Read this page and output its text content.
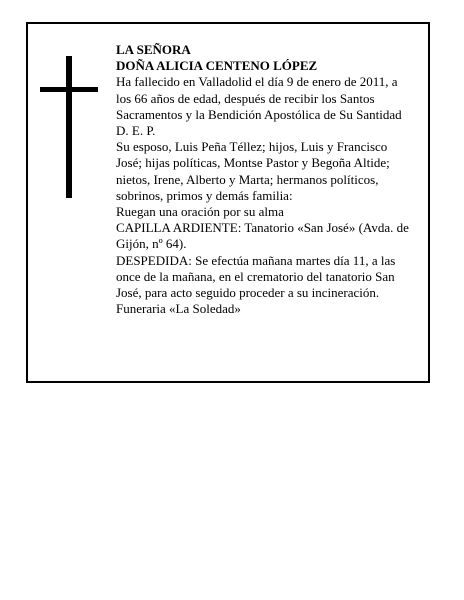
LA SEÑORA

DOÑA ALICIA CENTENO LÓPEZ

Ha fallecido en Valladolid el día 9 de enero de 2011, a
los 66 años de edad, después de recibir los Santos
Sacramentos y la Bendición Apostólica de Su Santidad
D. E. P.

Su esposo, Luis Peña Téllez; hijos, Luis y Francisco
José; hijas políticas, Montse Pastor y Begoña Altide;
nietos, Irene, Alberto y Marta; hermanos políticos,
sobrinos, primos y demás familia:

Ruegan una oración por su alma

CAPILLA ARDIENTE: Tanatorio «San José» (Avda. de
Gijón, nº 64).

DESPEDIDA: Se efectúa mañana martes día 11, a las
once de la mañana, en el crematorio del tanatorio San
José, para acto seguido proceder a su incineración.

Funeraria «La Soledad»
